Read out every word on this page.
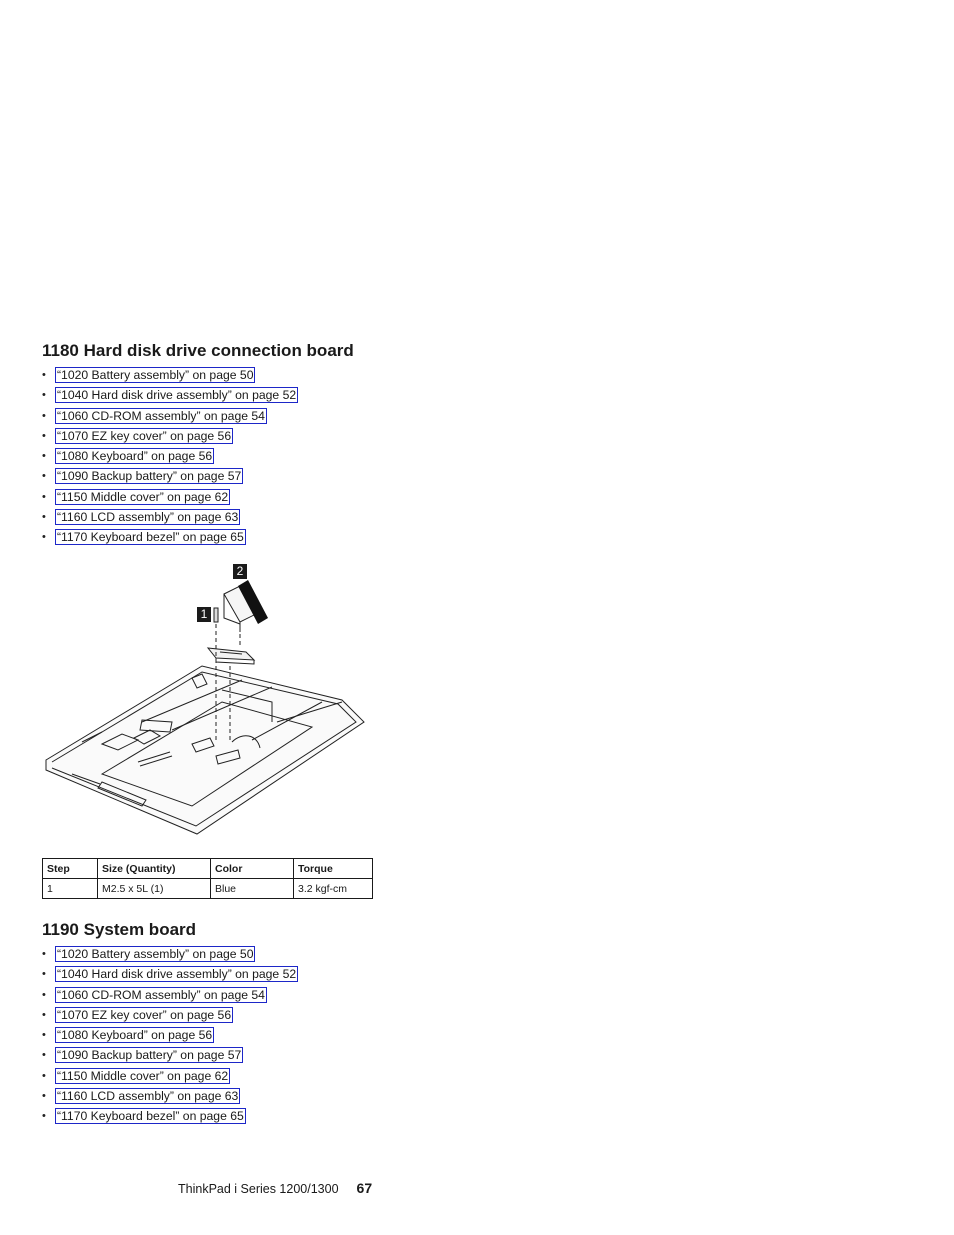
1180 Hard disk drive connection board
• “1020 Battery assembly” on page 50
• “1040 Hard disk drive assembly” on page 52
• “1060 CD-ROM assembly” on page 54
• “1070 EZ key cover” on page 56
• “1080 Keyboard” on page 56
• “1090 Backup battery” on page 57
• “1150 Middle cover” on page 62
• “1160 LCD assembly” on page 63
• “1170 Keyboard bezel” on page 65
1
2
Step	Size (Quantity)	Color	Torque
1	M2.5 x 5L (1)	Blue	3.2 kgf-cm
1190 System board
• “1020 Battery assembly” on page 50
• “1040 Hard disk drive assembly” on page 52
• “1060 CD-ROM assembly” on page 54
• “1070 EZ key cover” on page 56
• “1080 Keyboard” on page 56
• “1090 Backup battery” on page 57
• “1150 Middle cover” on page 62
• “1160 LCD assembly” on page 63
• “1170 Keyboard bezel” on page 65
ThinkPad i Series 1200/1300 67
